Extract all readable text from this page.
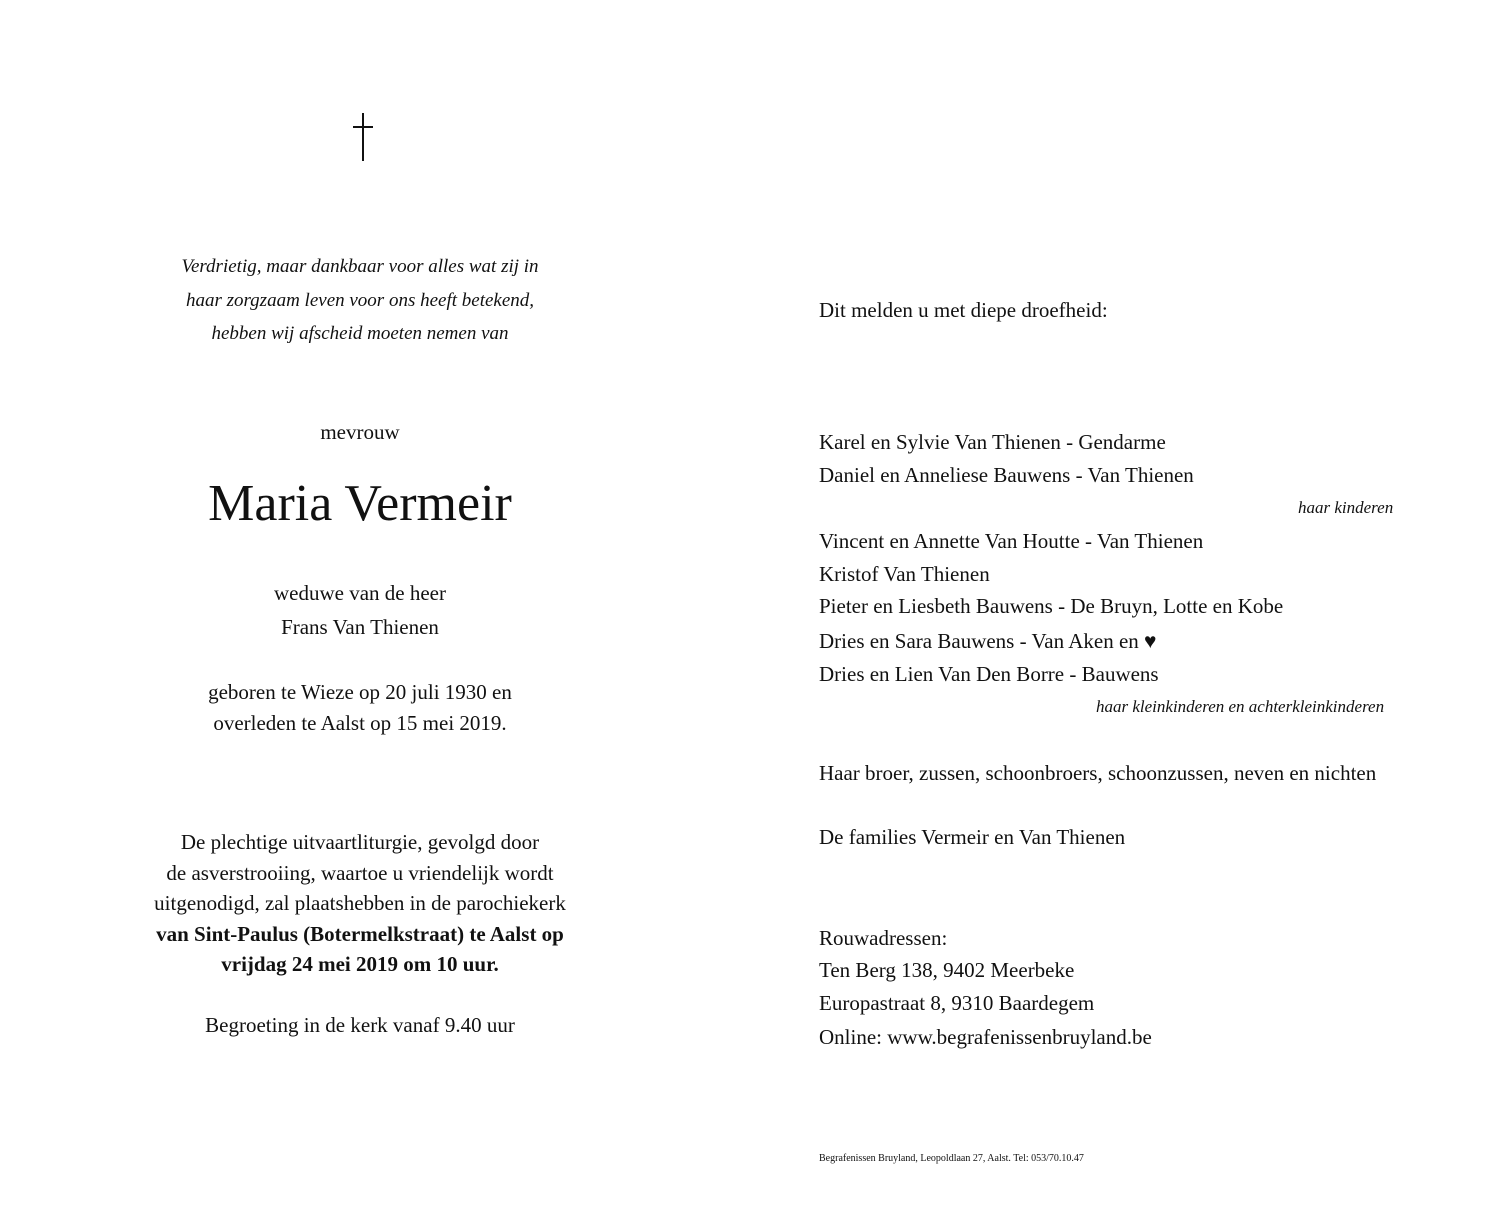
Verdrietig, maar dankbaar voor alles wat zij in
haar zorgzaam leven voor ons heeft betekend,
hebben wij afscheid moeten nemen van
mevrouw
Maria Vermeir
weduwe van de heer
Frans Van Thienen
geboren te Wieze op 20 juli 1930 en
overleden te Aalst op 15 mei 2019.
De plechtige uitvaartliturgie, gevolgd door
de asverstrooiing, waartoe u vriendelijk wordt
uitgenodigd, zal plaatshebben in de parochiekerk
van Sint-Paulus (Botermelkstraat) te Aalst op
vrijdag 24 mei 2019 om 10 uur.
Begroeting in de kerk vanaf 9.40 uur
Dit melden u met diepe droefheid:
Karel en Sylvie Van Thienen - Gendarme
Daniel en Anneliese Bauwens - Van Thienen
haar kinderen
Vincent en Annette Van Houtte - Van Thienen
Kristof Van Thienen
Pieter en Liesbeth Bauwens - De Bruyn, Lotte en Kobe
Dries en Sara Bauwens - Van Aken en ♥
Dries en Lien Van Den Borre - Bauwens
haar kleinkinderen en achterkleinkinderen
Haar broer, zussen, schoonbroers, schoonzussen, neven en nichten
De families Vermeir en Van Thienen
Rouwadressen:
Ten Berg 138, 9402 Meerbeke
Europastraat 8, 9310 Baardegem
Online: www.begrafenissenbruyland.be
Begrafenissen Bruyland, Leopoldlaan 27, Aalst. Tel: 053/70.10.47
